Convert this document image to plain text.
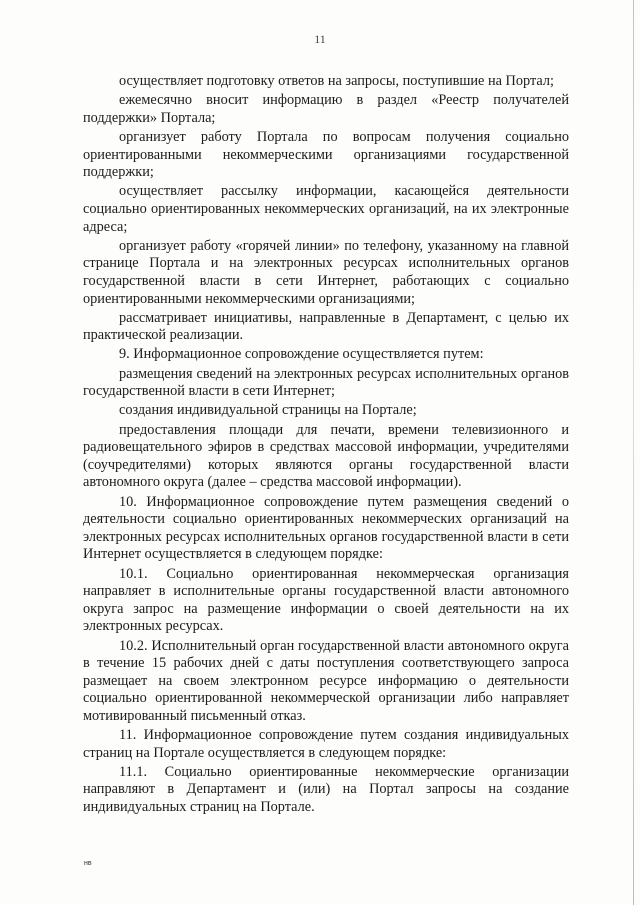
11

осуществляет подготовку ответов на запросы, поступившие на Портал;

ежемесячно вносит информацию в раздел «Реестр получателей поддержки» Портала;

организует работу Портала по вопросам получения социально ориентированными некоммерческими организациями государственной поддержки;

осуществляет рассылку информации, касающейся деятельности социально ориентированных некоммерческих организаций, на их электронные адреса;

организует работу «горячей линии» по телефону, указанному на главной странице Портала и на электронных ресурсах исполнительных органов государственной власти в сети Интернет, работающих с социально ориентированными некоммерческими организациями;

рассматривает инициативы, направленные в Департамент, с целью их практической реализации.

9. Информационное сопровождение осуществляется путем:

размещения сведений на электронных ресурсах исполнительных органов государственной власти в сети Интернет;

создания индивидуальной страницы на Портале;

предоставления площади для печати, времени телевизионного и радиовещательного эфиров в средствах массовой информации, учредителями (соучредителями) которых являются органы государственной власти автономного округа (далее – средства массовой информации).

10. Информационное сопровождение путем размещения сведений о деятельности социально ориентированных некоммерческих организаций на электронных ресурсах исполнительных органов государственной власти в сети Интернет осуществляется в следующем порядке:

10.1. Социально ориентированная некоммерческая организация направляет в исполнительные органы государственной власти автономного округа запрос на размещение информации о своей деятельности на их электронных ресурсах.

10.2. Исполнительный орган государственной власти автономного округа в течение 15 рабочих дней с даты поступления соответствующего запроса размещает на своем электронном ресурсе информацию о деятельности социально ориентированной некоммерческой организации либо направляет мотивированный письменный отказ.

11. Информационное сопровождение путем создания индивидуальных страниц на Портале осуществляется в следующем порядке:

11.1. Социально ориентированные некоммерческие организации направляют в Департамент и (или) на Портал запросы на создание индивидуальных страниц на Портале.

нв
